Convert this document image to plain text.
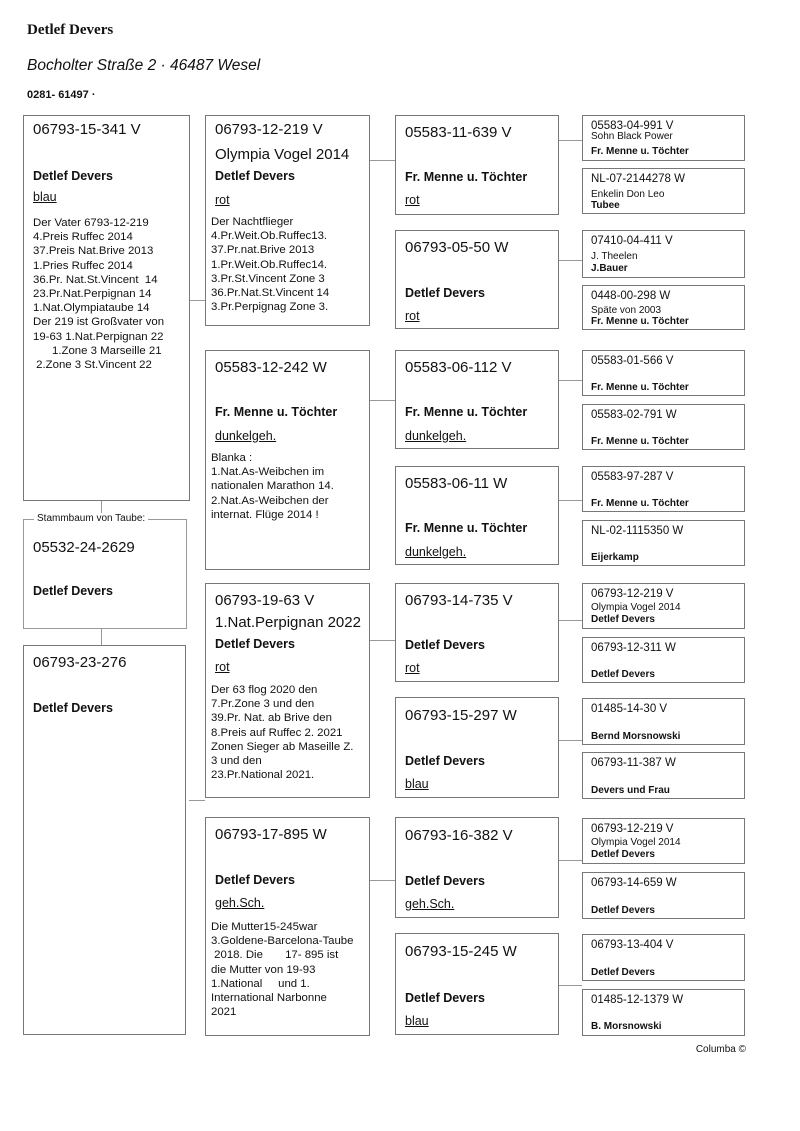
Detlef Devers
Bocholter Straße 2 · 46487 Wesel
0281- 61497 ·
06793-15-341 V
Detlef Devers
blau
Der Vater 6793-12-219
4.Preis Ruffec 2014
37.Preis Nat.Brive 2013
1.Pries Ruffec 2014
36.Pr. Nat.St.Vincent  14
23.Pr.Nat.Perpignan 14
1.Nat.Olympiataube 14
Der 219 ist Großvater von
19-63 1.Nat.Perpignan 22
1.Zone 3 Marseille 21
2.Zone 3 St.Vincent 22
Stammbaum von Taube:
05532-24-2629
Detlef Devers
06793-23-276
Detlef Devers
06793-12-219 V
Olympia Vogel 2014
Detlef Devers
rot
Der Nachtflieger
4.Pr.Weit.Ob.Ruffec13.
37.Pr.nat.Brive 2013
1.Pr.Weit.Ob.Ruffec14.
3.Pr.St.Vincent Zone 3
36.Pr.Nat.St.Vincent 14
3.Pr.Perpignag Zone 3.
05583-12-242 W
Fr. Menne u. Töchter
dunkelgeh.
Blanka :
1.Nat.As-Weibchen im
nationalen Marathon 14.
2.Nat.As-Weibchen der
internat. Flüge 2014 !
06793-19-63 V
1.Nat.Perpignan 2022
Detlef Devers
rot
Der 63 flog 2020 den
7.Pr.Zone 3 und den
39.Pr. Nat. ab Brive den
8.Preis auf Ruffec 2. 2021
Zonen Sieger ab Maseille Z.
3 und den
23.Pr.National 2021.
06793-17-895 W
Detlef Devers
geh.Sch.
Die Mutter15-245war
3.Goldene-Barcelona-Taube
2018. Die       17- 895 ist
die Mutter von 19-93
1.National     und 1.
International Narbonne
2021
05583-11-639 V
Fr. Menne u. Töchter
rot
06793-05-50 W
Detlef Devers
rot
05583-06-112 V
Fr. Menne u. Töchter
dunkelgeh.
05583-06-11 W
Fr. Menne u. Töchter
dunkelgeh.
06793-14-735 V
Detlef Devers
rot
06793-15-297 W
Detlef Devers
blau
06793-16-382 V
Detlef Devers
geh.Sch.
06793-15-245 W
Detlef Devers
blau
05583-04-991 V
Sohn Black Power
Fr. Menne u. Töchter
NL-07-2144278 W
Enkelin Don Leo
Tubee
07410-04-411 V
J. Theelen
J.Bauer
0448-00-298 W
Späte von 2003
Fr. Menne u. Töchter
05583-01-566 V
Fr. Menne u. Töchter
05583-02-791 W
Fr. Menne u. Töchter
05583-97-287 V
Fr. Menne u. Töchter
NL-02-1115350 W
Eijerkamp
06793-12-219 V
Olympia Vogel 2014
Detlef Devers
06793-12-311 W
Detlef Devers
01485-14-30 V
Bernd Morsnowski
06793-11-387 W
Devers und Frau
06793-12-219 V
Olympia Vogel 2014
Detlef Devers
06793-14-659 W
Detlef Devers
06793-13-404 V
Detlef Devers
01485-12-1379 W
B. Morsnowski
Columba ©
